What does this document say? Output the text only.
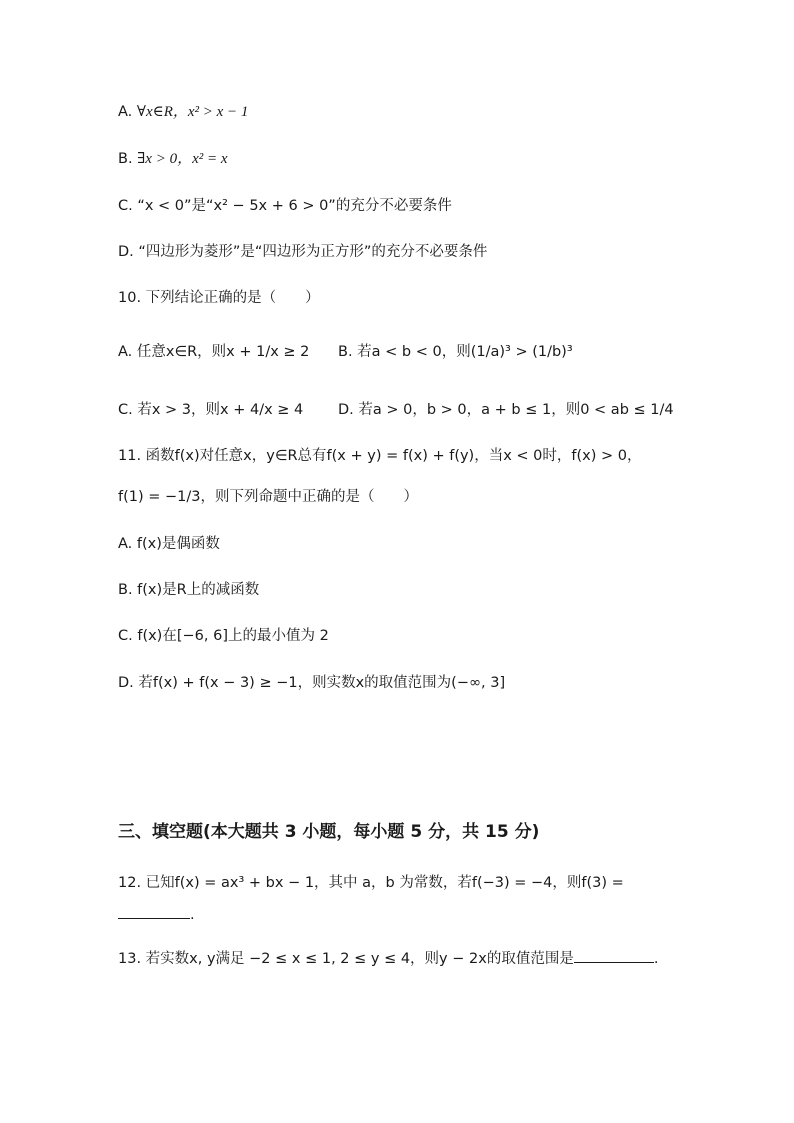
A. ∀x∈R，x² > x − 1
B. ∃x > 0，x² = x
C. “x < 0”是“x² − 5x + 6 > 0”的充分不必要条件
D. “四边形为菱形”是“四边形为正方形”的充分不必要条件
10. 下列结论正确的是（　　）
A. 任意x∈R，则x + 1/x ≥ 2 B. 若a < b < 0，则(1/a)³ > (1/b)³
C. 若x > 3，则x + 4/x ≥ 4 D. 若a > 0，b > 0，a + b ≤ 1，则0 < ab ≤ 1/4
11. 函数f(x)对任意x，y∈R总有f(x + y) = f(x) + f(y)，当x < 0时，f(x) > 0，
f(1) = −1/3，则下列命题中正确的是（　　）
A. f(x)是偶函数
B. f(x)是R上的减函数
C. f(x)在[−6, 6]上的最小值为 2
D. 若f(x) + f(x − 3) ≥ −1，则实数x的取值范围为(−∞, 3]
三、填空题(本大题共 3 小题，每小题 5 分，共 15 分)
12. 已知f(x) = ax³ + bx − 1，其中 a，b 为常数，若f(−3) = −4，则f(3) =
.
13. 若实数x, y满足 −2 ≤ x ≤ 1, 2 ≤ y ≤ 4，则y − 2x的取值范围是	.
